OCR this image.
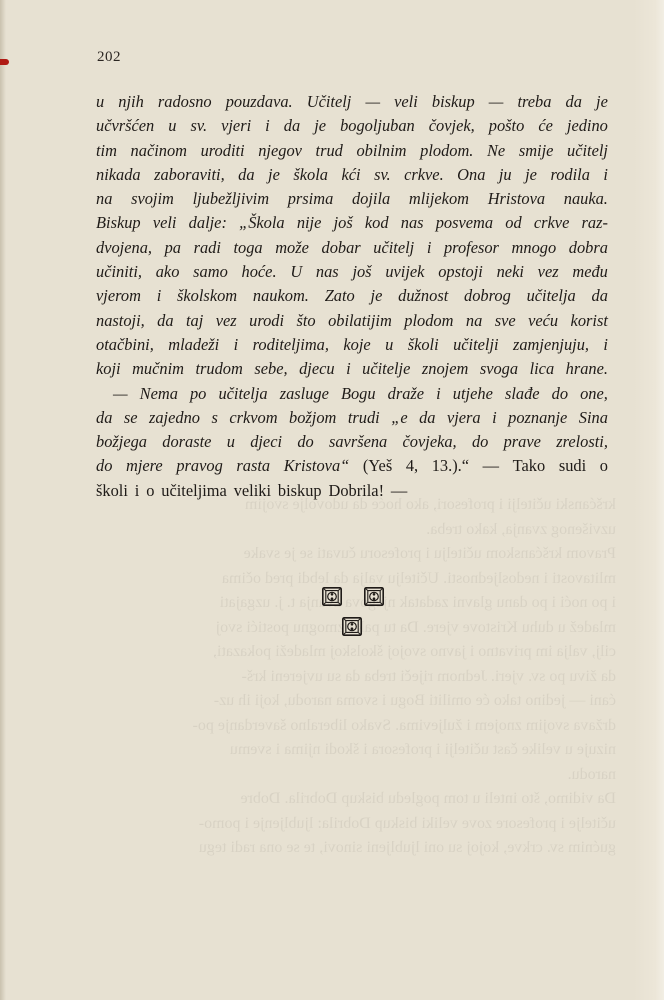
202
kršćanski učitelji i profesori, ako hoće da udovolje svojim
uzvišenog zvanja, kako treba.
Pravom kršćanskom učitelju i profesoru čuvati se je svake
mlitavosti i nedosljednosti. Učitelju valja da lebdi pred očima
i po noći i po danu glavni zadatak njegova zvanja t. j. uzgajati
mladež u duhu Kristove vjere. Da tu pak uzmognu postići svoj
cilj, valja im privatno i javno svojoj školskoj mladeži pokazati,
da živu po sv. vjeri. Jednom riječi treba da su uvjereni krš-
ćani — jedino tako će omiliti Bogu i svoma narodu, koji ih uz-
država svojim znojem i žuljevima. Svako liberalno šaverdanje po-
nizuje u velike čast učitelji i profesora i škodi njima i svemu
narodu.
Da vidimo, što inteli u tom pogledu biskup Dobrila. Dobre
učitelje i profesore zove veliki biskup Dobrila: ljubljenje i pomo-
gućnim sv. crkve, kojoj su oni ljubljeni sinovi, te se ona radi tegu
u njih radosno pouzdava. Učitelj — veli biskup — treba da je
učvršćen u sv. vjeri i da je bogoljuban čovjek, pošto će jedino
tim načinom uroditi njegov trud obilnim plodom. Ne smije učitelj
nikada zaboraviti, da je škola kći sv. crkve. Ona ju je rodila i
na svojim ljubežljivim prsima dojila mlijekom Hristova nauka.
Biskup veli dalje: „Škola nije još kod nas posvema od crkve raz-
dvojena, pa radi toga može dobar učitelj i profesor mnogo dobra
učiniti, ako samo hoće. U nas još uvijek opstoji neki vez među
vjerom i školskom naukom. Zato je dužnost dobrog učitelja da
nastoji, da taj vez urodi što obilatijim plodom na sve veću korist
otačbini, mladeži i roditeljima, koje u školi učitelji zamjenjuju, i
koji mučnim trudom sebe, djecu i učitelje znojem svoga lica hrane.
— Nema po učitelja zasluge Bogu draže i utjehe slađe do one,
da se zajedno s crkvom božjom trudi „e da vjera i poznanje Sina
božjega doraste u djeci do savršena čovjeka, do prave zrelosti,
do mjere pravog rasta Kristova“ (Yeš 4, 13.).“ — Tako sudi o
školi i o učiteljima veliki biskup Dobrila! —
